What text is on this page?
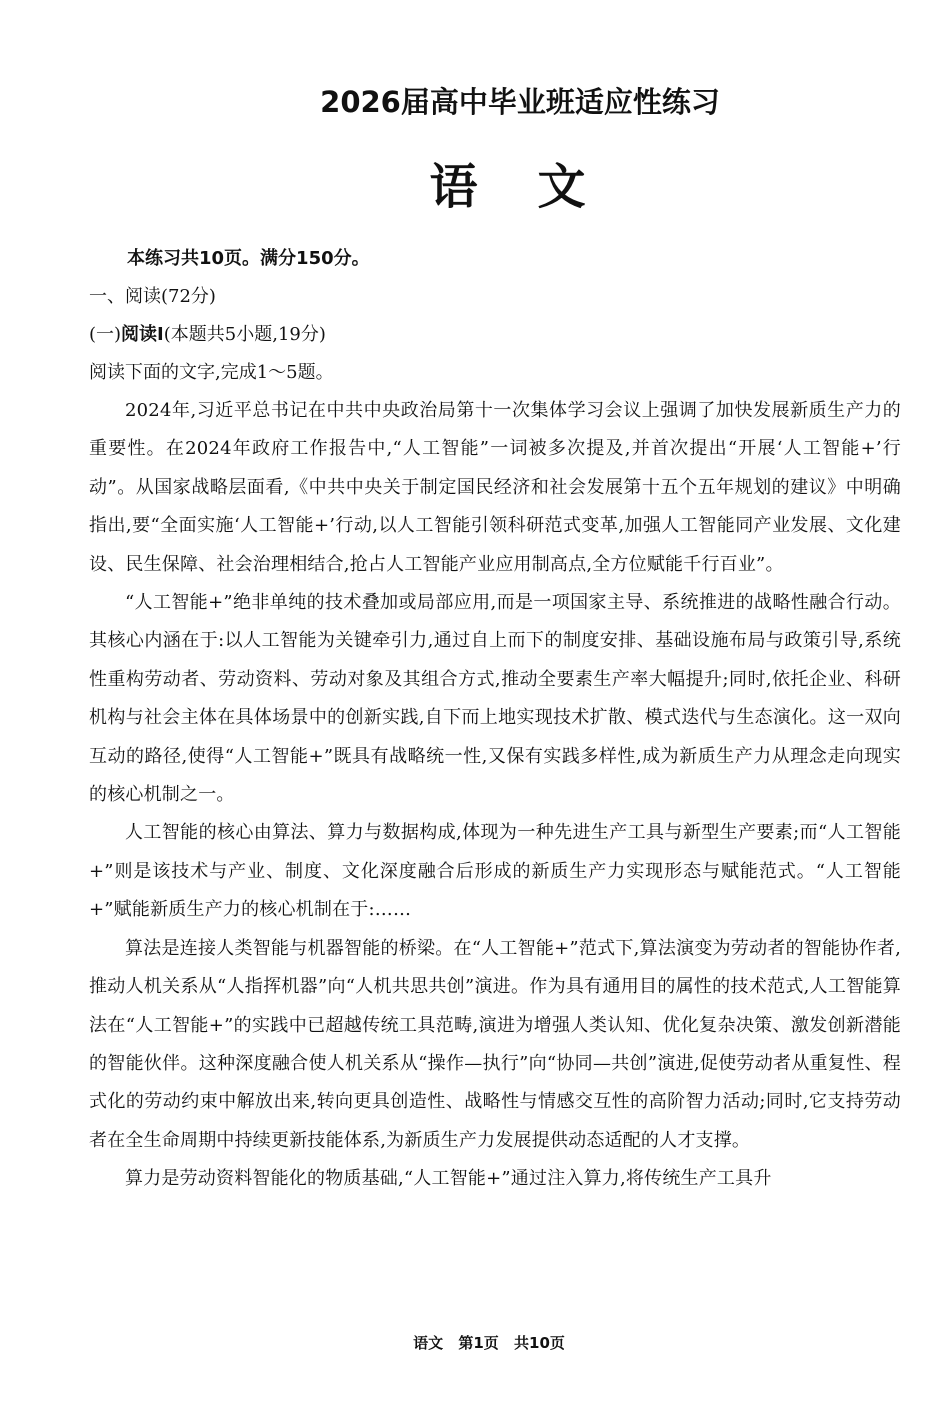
2026届高中毕业班适应性练习
语文
本练习共10页。满分150分。
一、阅读(72分)
(一)阅读Ⅰ(本题共5小题,19分)
阅读下面的文字,完成1～5题。

2024年,习近平总书记在中共中央政治局第十一次集体学习会议上强调了加快发展新质生产力的重要性。在2024年政府工作报告中,“人工智能”一词被多次提及,并首次提出“开展‘人工智能+’行动”。从国家战略层面看,《中共中央关于制定国民经济和社会发展第十五个五年规划的建议》中明确指出,要“全面实施‘人工智能+’行动,以人工智能引领科研范式变革,加强人工智能同产业发展、文化建设、民生保障、社会治理相结合,抢占人工智能产业应用制高点,全方位赋能千行百业”。

“人工智能+”绝非单纯的技术叠加或局部应用,而是一项国家主导、系统推进的战略性融合行动。其核心内涵在于:以人工智能为关键牵引力,通过自上而下的制度安排、基础设施布局与政策引导,系统性重构劳动者、劳动资料、劳动对象及其组合方式,推动全要素生产率大幅提升;同时,依托企业、科研机构与社会主体在具体场景中的创新实践,自下而上地实现技术扩散、模式迭代与生态演化。这一双向互动的路径,使得“人工智能+”既具有战略统一性,又保有实践多样性,成为新质生产力从理念走向现实的核心机制之一。

人工智能的核心由算法、算力与数据构成,体现为一种先进生产工具与新型生产要素;而“人工智能+”则是该技术与产业、制度、文化深度融合后形成的新质生产力实现形态与赋能范式。“人工智能+”赋能新质生产力的核心机制在于:……

算法是连接人类智能与机器智能的桥梁。在“人工智能+”范式下,算法演变为劳动者的智能协作者,推动人机关系从“人指挥机器”向“人机共思共创”演进。作为具有通用目的属性的技术范式,人工智能算法在“人工智能+”的实践中已超越传统工具范畴,演进为增强人类认知、优化复杂决策、激发创新潜能的智能伙伴。这种深度融合使人机关系从“操作—执行”向“协同—共创”演进,促使劳动者从重复性、程式化的劳动约束中解放出来,转向更具创造性、战略性与情感交互性的高阶智力活动;同时,它支持劳动者在全生命周期中持续更新技能体系,为新质生产力发展提供动态适配的人才支撑。

算力是劳动资料智能化的物质基础,“人工智能+”通过注入算力,将传统生产工具升

语文 第1页 共10页
